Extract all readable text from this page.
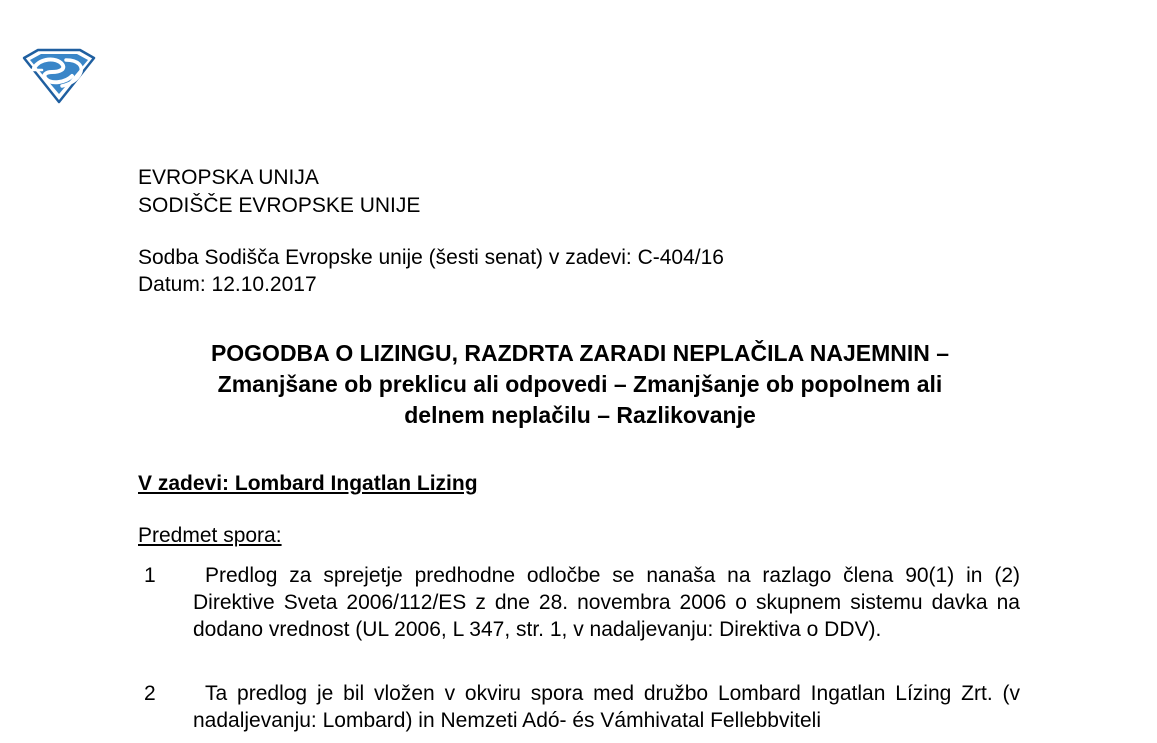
EVROPSKA UNIJA
SODIŠČE EVROPSKE UNIJE
Sodba Sodišča Evropske unije (šesti senat) v zadevi: C-404/16
Datum: 12.10.2017
POGODBA O LIZINGU, RAZDRTA ZARADI NEPLAČILA NAJEMNIN –
Zmanjšane ob preklicu ali odpovedi – Zmanjšanje ob popolnem ali
delnem neplačilu – Razlikovanje
V zadevi: Lombard Ingatlan Lizing
Predmet spora:
1	Predlog za sprejetje predhodne odločbe se nanaša na razlago člena 90(1) in (2) Direktive Sveta 2006/112/ES z dne 28. novembra 2006 o skupnem sistemu davka na dodano vrednost (UL 2006, L 347, str. 1, v nadaljevanju: Direktiva o DDV).
2	Ta predlog je bil vložen v okviru spora med družbo Lombard Ingatlan Lízing Zrt. (v nadaljevanju: Lombard) in Nemzeti Adó- és Vámhivatal Fellebbviteli
